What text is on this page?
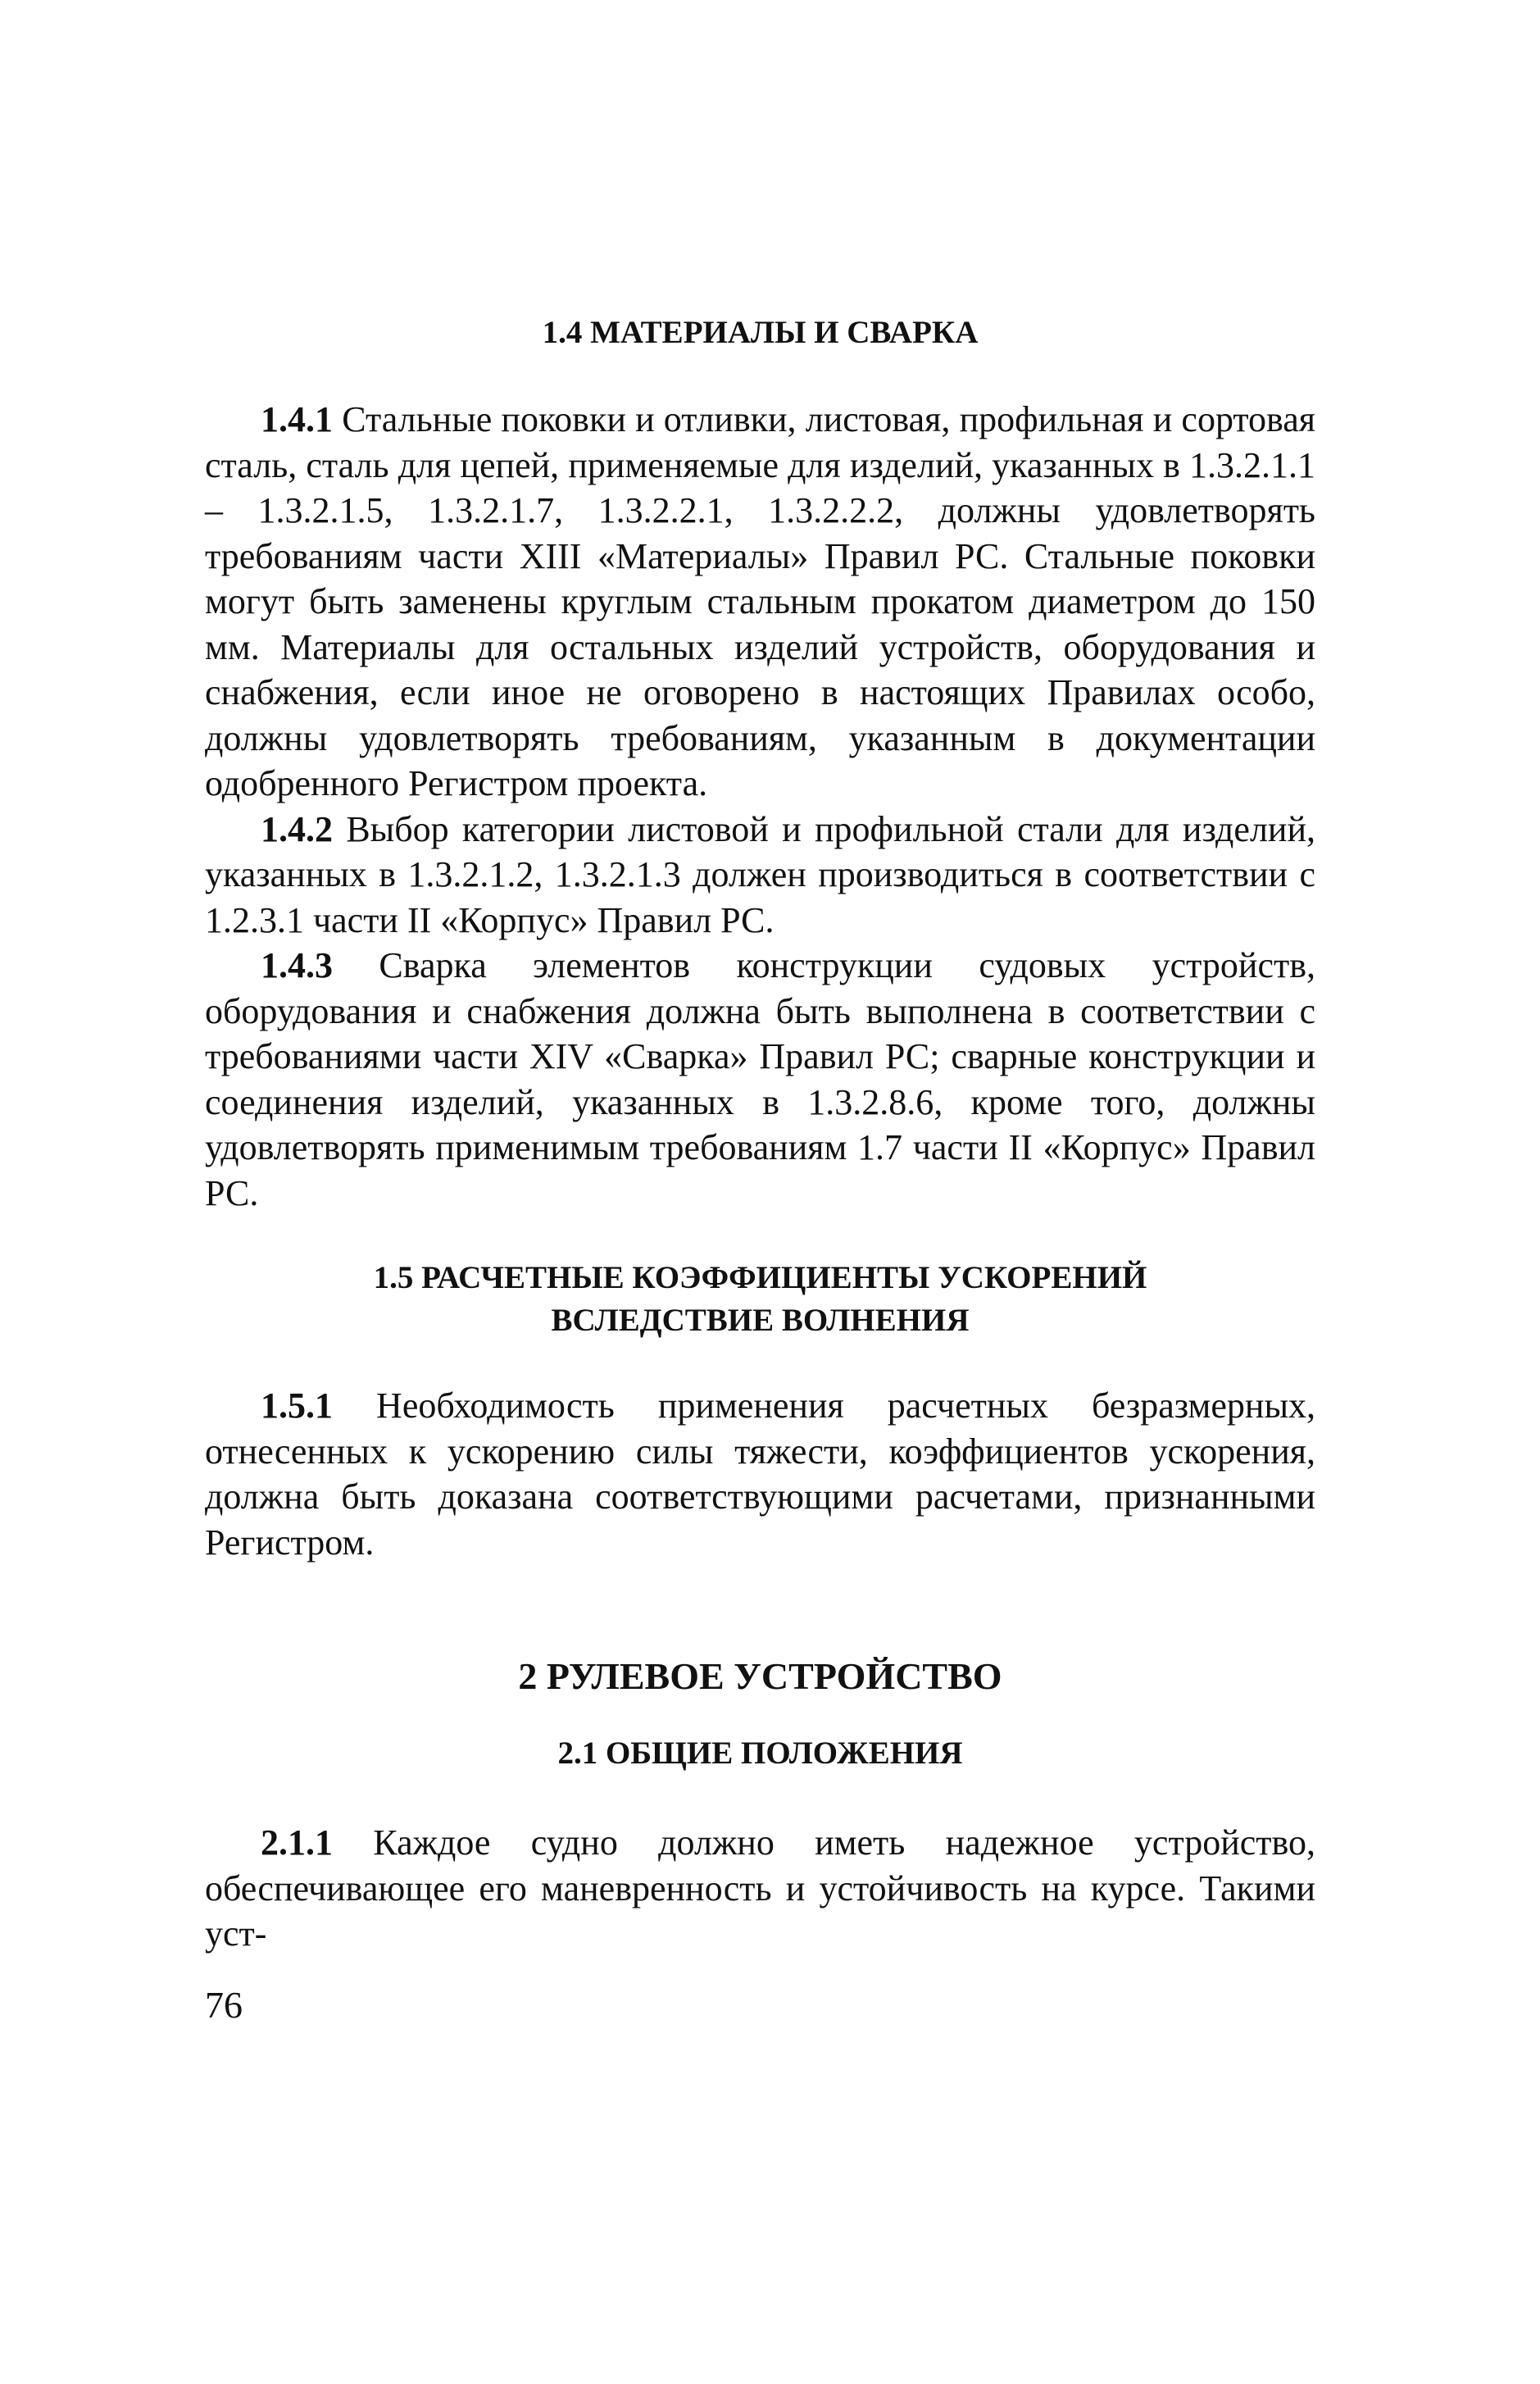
1.4 МАТЕРИАЛЫ И СВАРКА

1.4.1 Стальные поковки и отливки, листовая, профильная и сортовая сталь, сталь для цепей, применяемые для изделий, указанных в 1.3.2.1.1 – 1.3.2.1.5, 1.3.2.1.7, 1.3.2.2.1, 1.3.2.2.2, должны удовлетворять требованиям части XIII «Материалы» Правил РС. Стальные поковки могут быть заменены круглым стальным прокатом диаметром до 150 мм. Материалы для остальных изделий устройств, оборудования и снабжения, если иное не оговорено в настоящих Правилах особо, должны удовлетворять требованиям, указанным в документации одобренного Регистром проекта.

1.4.2 Выбор категории листовой и профильной стали для изделий, указанных в 1.3.2.1.2, 1.3.2.1.3 должен производиться в соответствии с 1.2.3.1 части II «Корпус» Правил РС.

1.4.3 Сварка элементов конструкции судовых устройств, оборудования и снабжения должна быть выполнена в соответствии с требованиями части XIV «Сварка» Правил РС; сварные конструкции и соединения изделий, указанных в 1.3.2.8.6, кроме того, должны удовлетворять применимым требованиям 1.7 части II «Корпус» Правил РС.

1.5 РАСЧЕТНЫЕ КОЭФФИЦИЕНТЫ УСКОРЕНИЙ
ВСЛЕДСТВИЕ ВОЛНЕНИЯ

1.5.1 Необходимость применения расчетных безразмерных, отнесенных к ускорению силы тяжести, коэффициентов ускорения, должна быть доказана соответствующими расчетами, признанными Регистром.

2 РУЛЕВОЕ УСТРОЙСТВО
2.1 ОБЩИЕ ПОЛОЖЕНИЯ

2.1.1 Каждое судно должно иметь надежное устройство, обеспечивающее его маневренность и устойчивость на курсе. Такими уст-

76
